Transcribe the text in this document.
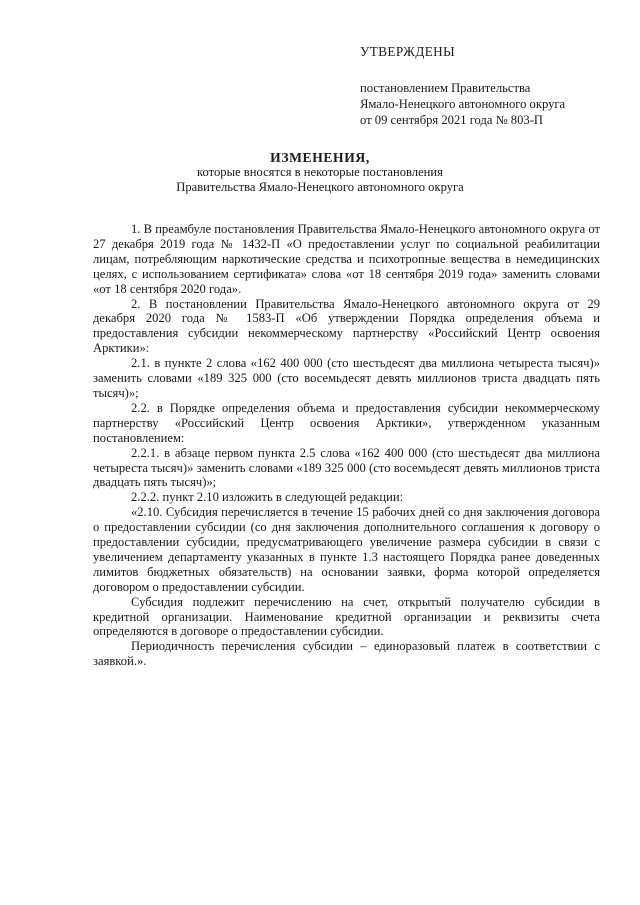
УТВЕРЖДЕНЫ
постановлением Правительства
Ямало-Ненецкого автономного округа
от 09 сентября 2021 года № 803-П
ИЗМЕНЕНИЯ,
которые вносятся в некоторые постановления
Правительства Ямало-Ненецкого автономного округа

1. В преамбуле постановления Правительства Ямало-Ненецкого автономного округа от 27 декабря 2019 года № 1432-П «О предоставлении услуг по социальной реабилитации лицам, потребляющим наркотические средства и психотропные вещества в немедицинских целях, с использованием сертификата» слова «от 18 сентября 2019 года» заменить словами «от 18 сентября 2020 года».

2. В постановлении Правительства Ямало-Ненецкого автономного округа от 29 декабря 2020 года № 1583-П «Об утверждении Порядка определения объема и предоставления субсидии некоммерческому партнерству «Российский Центр освоения Арктики»:

2.1. в пункте 2 слова «162 400 000 (сто шестьдесят два миллиона четыреста тысяч)» заменить словами «189 325 000 (сто восемьдесят девять миллионов триста двадцать пять тысяч)»;

2.2. в Порядке определения объема и предоставления субсидии некоммерческому партнерству «Российский Центр освоения Арктики», утвержденном указанным постановлением:

2.2.1. в абзаце первом пункта 2.5 слова «162 400 000 (сто шестьдесят два миллиона четыреста тысяч)» заменить словами «189 325 000 (сто восемьдесят девять миллионов триста двадцать пять тысяч)»;

2.2.2. пункт 2.10 изложить в следующей редакции:

«2.10. Субсидия перечисляется в течение 15 рабочих дней со дня заключения договора о предоставлении субсидии (со дня заключения дополнительного соглашения к договору о предоставлении субсидии, предусматривающего увеличение размера субсидии в связи с увеличением департаменту указанных в пункте 1.3 настоящего Порядка ранее доведенных лимитов бюджетных обязательств) на основании заявки, форма которой определяется договором о предоставлении субсидии.

Субсидия подлежит перечислению на счет, открытый получателю субсидии в кредитной организации. Наименование кредитной организации и реквизиты счета определяются в договоре о предоставлении субсидии.

Периодичность перечисления субсидии – единоразовый платеж в соответствии с заявкой.».
